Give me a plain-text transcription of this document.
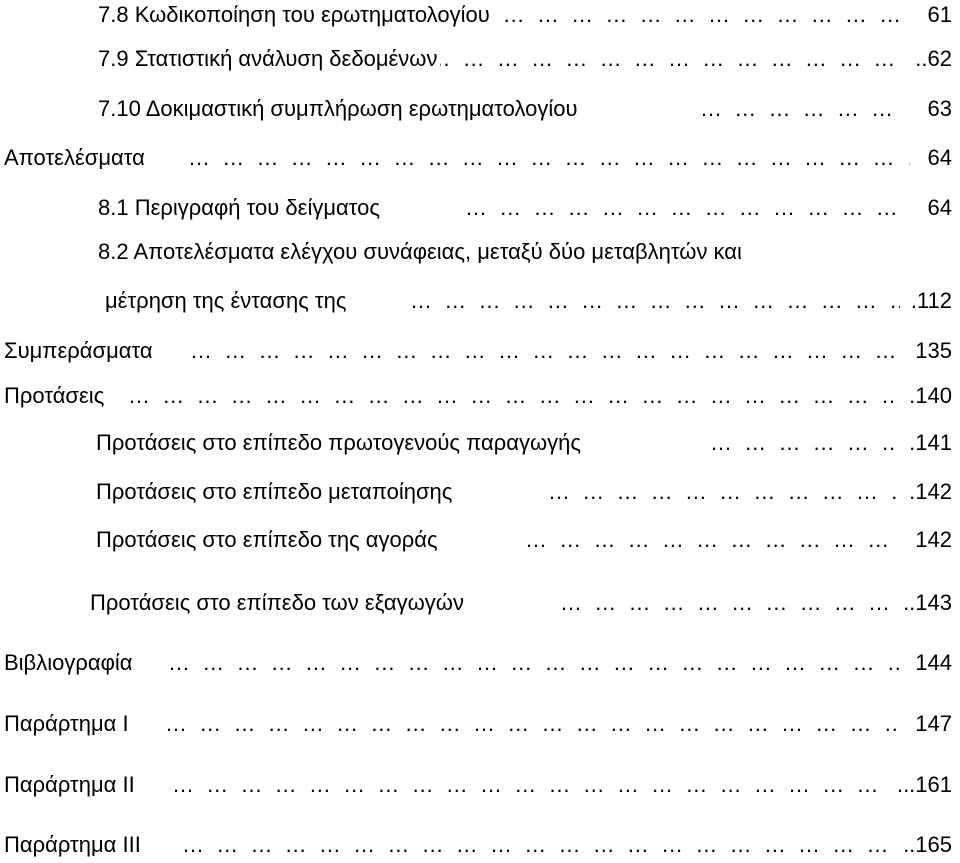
… … … … … … … … … … … … … … … … … … … … … … … … … … … … … … … … … … … … … … … … … …
7.8 Κωδικοποίηση του ερωτηματολογίου	61
… … … … … … … … … … … … … … … … … … … … … … … … … … … … … … … … … … … … … … … … … …
7.9 Στατιστική ανάλυση δεδομένων	..62
… … … … … … … … … … … … … … … … … … … … … … … … … … … … … … … … … … … … … … … … … …
7.10 Δοκιμαστική συμπλήρωση ερωτηματολογίου	63
… … … … … … … … … … … … … … … … … … … … … … … … … … … … … … … … … … … … … … … … … …
Αποτελέσματα	64
… … … … … … … … … … … … … … … … … … … … … … … … … … … … … … … … … … … … … … … … … …
8.1 Περιγραφή του δείγματος	64
8.2 Αποτελέσματα ελέγχου συνάφειας, μεταξύ δύο μεταβλητών και
… … … … … … … … … … … … … … … … … … … … … … … … … … … … … … … … … … … … … … … … … …
μέτρηση της έντασης της	.112
… … … … … … … … … … … … … … … … … … … … … … … … … … … … … … … … … … … … … … … … … …
Συμπεράσματα	135
… … … … … … … … … … … … … … … … … … … … … … … … … … … … … … … … … … … … … … … … … …
Προτάσεις	.140
… … … … … … … … … … … … … … … … … … … … … … … … … … … … … … … … … … … … … … … … … …
Προτάσεις στο επίπεδο πρωτογενούς παραγωγής	.141
… … … … … … … … … … … … … … … … … … … … … … … … … … … … … … … … … … … … … … … … … …
Προτάσεις στο επίπεδο μεταποίησης	.142
… … … … … … … … … … … … … … … … … … … … … … … … … … … … … … … … … … … … … … … … … …
Προτάσεις στο επίπεδο της αγοράς	142
… … … … … … … … … … … … … … … … … … … … … … … … … … … … … … … … … … … … … … … … … …
Προτάσεις στο επίπεδο των εξαγωγών	..143
… … … … … … … … … … … … … … … … … … … … … … … … … … … … … … … … … … … … … … … … … …
Βιβλιογραφία	144
… … … … … … … … … … … … … … … … … … … … … … … … … … … … … … … … … … … … … … … … … …
Παράρτημα Ι	147
… … … … … … … … … … … … … … … … … … … … … … … … … … … … … … … … … … … … … … … … … …
Παράρτημα ΙΙ	...161
… … … … … … … … … … … … … … … … … … … … … … … … … … … … … … … … … … … … … … … … … …
Παράρτημα ΙΙΙ	..165
